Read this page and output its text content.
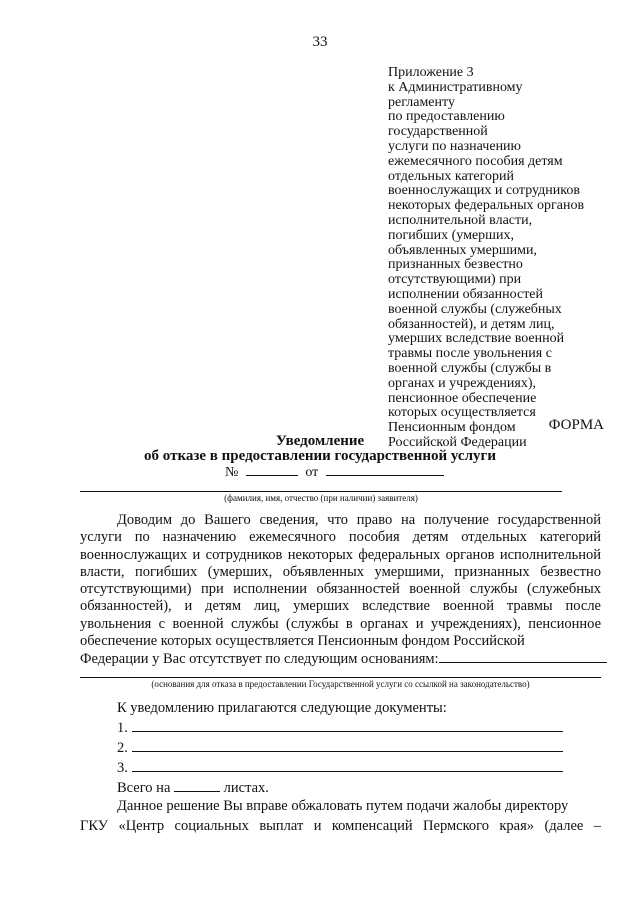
33
Приложение 3
к Административному
регламенту
по предоставлению
государственной
услуги по назначению
ежемесячного пособия детям
отдельных категорий
военнослужащих и сотрудников
некоторых федеральных органов
исполнительной власти,
погибших (умерших,
объявленных умершими,
признанных безвестно
отсутствующими) при
исполнении обязанностей
военной службы (служебных
обязанностей), и детям лиц,
умерших вследствие военной
травмы после увольнения с
военной службы (службы в
органах и учреждениях),
пенсионное обеспечение
которых осуществляется
Пенсионным фондом
Российской Федерации
ФОРМА
Уведомление
об отказе в предоставлении государственной услуги
№	от
(фамилия, имя, отчество (при наличии) заявителя)

Доводим до Вашего сведения, что право на получение государственной услуги по назначению ежемесячного пособия детям отдельных категорий военнослужащих и сотрудников некоторых федеральных органов исполнительной власти, погибших (умерших, объявленных умершими, признанных безвестно отсутствующими) при исполнении обязанностей военной службы (служебных обязанностей), и детям лиц, умерших вследствие военной травмы после увольнения с военной службы (службы в органах и учреждениях), пенсионное обеспечение которых осуществляется Пенсионным фондом Российской

Федерации у Вас отсутствует по следующим основаниям:
(основания для отказа в предоставлении Государственной услуги со ссылкой на законодательство)
К уведомлению прилагаются следующие документы:
1.
2.
3.
Всего на	листах.

Данное решение Вы вправе обжаловать путем подачи жалобы директору

ГКУ «Центр социальных выплат и компенсаций Пермского края» (далее –
